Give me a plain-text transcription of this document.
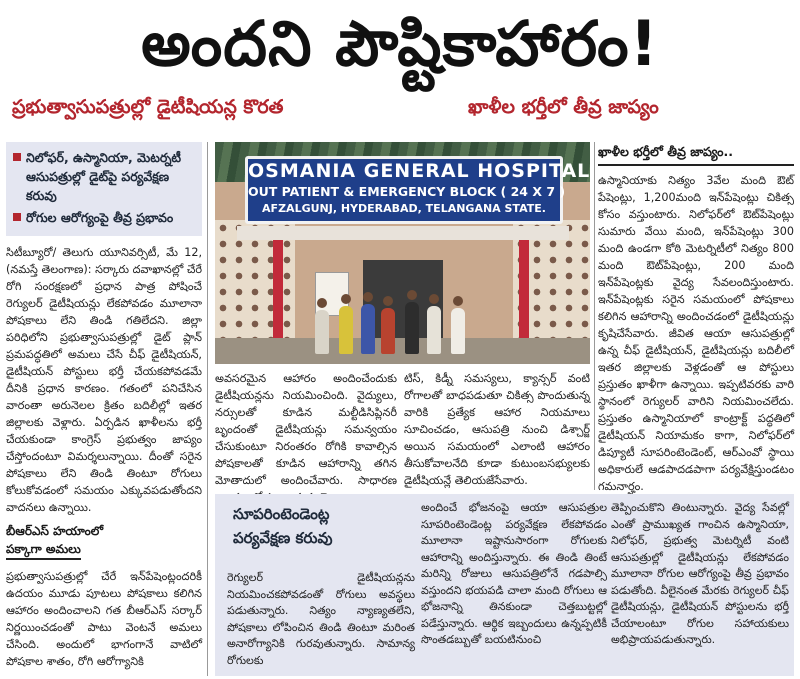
అందని పౌష్టికాహారం!
ప్రభుత్వాసుపత్రుల్లో డైటీషియన్ల కొరత	ఖాళీల భర్తీలో తీవ్ర జాప్యం
నిలోఫర్, ఉస్మానియా, మెటర్నటీ ఆసుపత్రుల్లో డైట్‌పై పర్యవేక్షణ కరువు
రోగుల ఆరోగ్యంపై తీవ్ర ప్రభావం

సిటీబ్యూరో/ తెలుగు యూనివర్సిటీ, మే 12,(నమస్తే తెలంగాణ): సర్కారు దవాఖానల్లో చేరే రోగి సంరక్షణలో ప్రధాన పాత్ర పోషించే రెగ్యులర్ డైటీషియన్లు లేకపోవడం మూలానా పోషకాలు లేని తిండి గతిలేదని. జిల్లా పరిధిలోని ప్రభుత్వాసుపత్రుల్లో డైట్ ప్లాన్ ప్రమపద్ధతిలో అమలు చేసే చీఫ్ డైటీషియన్, డైటీషియన్ పోస్టులు భర్తీ చేయకపోవడమే దీనికి ప్రధాన కారణం. గతంలో పనిచేసిన వారంతా అరునెలల క్రితం బదిలీల్లో ఇతర జిల్లాలకు వెళ్లారు. ఏర్పడిన ఖాళీలను భర్తీ చేయకుండా కాంగ్రెస్ ప్రభుత్వం జాప్యం చేస్తోందంటూ విమర్శలున్నాయి. దీంతో సరైన పోషకాలు లేని తిండి తింటూ రోగులు కోలుకోవడంలో సమయం ఎక్కువపడుతోందని వాదనలు ఉన్నాయి.

బీఆర్ఎస్ హయాంలో
పక్కాగా అమలు

ప్రభుత్వాసుపత్రుల్లో చేరే ఇన్‌పేషెంట్లందరికీ ఉదయం మూడు పూటలు పోషకాలు కలిగిన ఆహారం అందించాలని గత బీఆర్ఎస్ సర్కార్ నిర్ణయించడంతో పాటు వెంటనే అమలు చేసింది. అందులో భాగంగానే వాటిలో పోషకాల శాతం, రోగి ఆరోగ్యానికి

OSMANIA GENERAL HOSPITAL
OUT PATIENT & EMERGENCY BLOCK ( 24 X 7 )
AFZALGUNJ, HYDERABAD, TELANGANA STATE.

అవసరమైన ఆహారం అందించేందుకు డైటీషియన్లను నియమించింది. వైద్యులు, నర్సులతో కూడిన మల్టీడిసిప్లినరీ బృందంతో డైటీషియన్లు సమన్వయం చేసుకుంటూ నిరంతరం రోగికి కావాల్సిన పోషకాలతో కూడిన ఆహారాన్ని తగిన మోతాదులో అందించేవారు. సాధారణ

టిస్, కిడ్నీ సమస్యలు, క్యాన్సర్ వంటి రోగాలతో బాధపడుతూ చికిత్స పొందుతున్న వారికి ప్రత్యేక ఆహార నియమాలు సూచించడం, ఆసుపత్రి నుంచి డిశ్చార్జ్ అయిన సమయంలో ఎలాంటి ఆహారం తీసుకోవాలనేది కూడా కుటుంబసభ్యులకు డైటీషియన్లే తెలియజేసేవారు.

ఖాళీల భర్తీలో తీవ్ర జాప్యం..

ఉస్మానియాకు నిత్యం 3వేల మంది ఔట్ పేషెంట్లు, 1,200మంది ఇన్‌పేషెంట్లు చికిత్స కోసం వస్తుంటారు. నిలోఫర్‌లో ఔట్‌పేషెంట్లు సుమారు వేయి మంది, ఇన్‌పేషెంట్లు 300 మంది ఉండగా కోఠి మెటర్నిటీలో నిత్యం 800 మంది ఔట్‌పేషెంట్లు, 200 మంది ఇన్‌పేషెంట్లకు వైద్య సేవలందిస్తుంటారు. ఇన్‌పేషెంట్లకు సరైన సమయంలో పోషకాలు కలిగిన ఆహారాన్ని అందించడంలో డైటీషియన్లు కృషిచేసేవారు. జీవిత ఆయా ఆసుపత్రుల్లో ఉన్న చీఫ్ డైటీషియన్, డైటీషియన్లు బదిలీలో ఇతర జిల్లాలకు వెళ్లడంతో ఆ పోస్టులు ప్రస్తుతం ఖాళీగా ఉన్నాయి. ఇప్పటివరకు వారి స్థానంలో రెగ్యులర్ వారిని నియమించలేదు. ప్రస్తుతం ఉస్మానియాలో కాంట్రాక్ట్ పద్ధతిలో డైటీషియన్ నియామకం కాగా, నిలోఫర్‌లో డిప్యూటీ సూపరింటెండెంట్, ఆర్ఎంవో స్థాయి అధికారులే ఆడపాదడపాగా పర్యవేక్షిస్తుండటం గమనార్హం.

సూపరింటెండెంట్ల
పర్యవేక్షణ కరువు

రెగ్యులర్ డైటీషియన్లను నియమించకపోవడంతో రోగులు అవస్థలు పడుతున్నారు. నిత్యం న్యాణ్యతలేని, పోషకాలు లోపించిన తిండి తింటూ మరింత అనారోగ్యానికి గురవుతున్నారు. సామాన్య రోగులకు

అందించే భోజనంపై ఆయా ఆసుపత్రుల సూపరింటెండెంట్ల పర్యవేక్షణ లేకపోవడం మూలానా ఇష్టానుసారంగా రోగులకు ఆహారాన్ని అందిస్తున్నారు. ఈ తిండి తింటే మరిన్ని రోజులు ఆసుపత్రిలోనే గడపాల్సి వస్తుందని భయపడి చాలా మంది రోగులు ఆ భోజనాన్ని తినకుండా చెత్తబుట్టల్లో పడేస్తున్నారు. ఆర్థిక ఇబ్బందులు ఉన్నప్పటికీ సొంతడబ్బుతో బయటినుంచి

తెప్పించుకొని తింటున్నారు. వైద్య సేవల్లో ఎంతో ప్రాముఖ్యత గాంచిన ఉస్మానియా, నిలోఫర్, ప్రభుత్వ మెటర్నిటీ వంటి ఆసుపత్రుల్లో డైటీషియన్లు లేకపోవడం మూలానా రోగుల ఆరోగ్యంపై తీవ్ర ప్రభావం పడుతోంది. వీలైనంత మేరకు రెగ్యులర్ చీఫ్ డైటీషియన్లు, డైటీషియన్ పోస్టులను భర్తీ చేయాలంటూ రోగుల సహాయకులు అభిప్రాయపడుతున్నారు.
